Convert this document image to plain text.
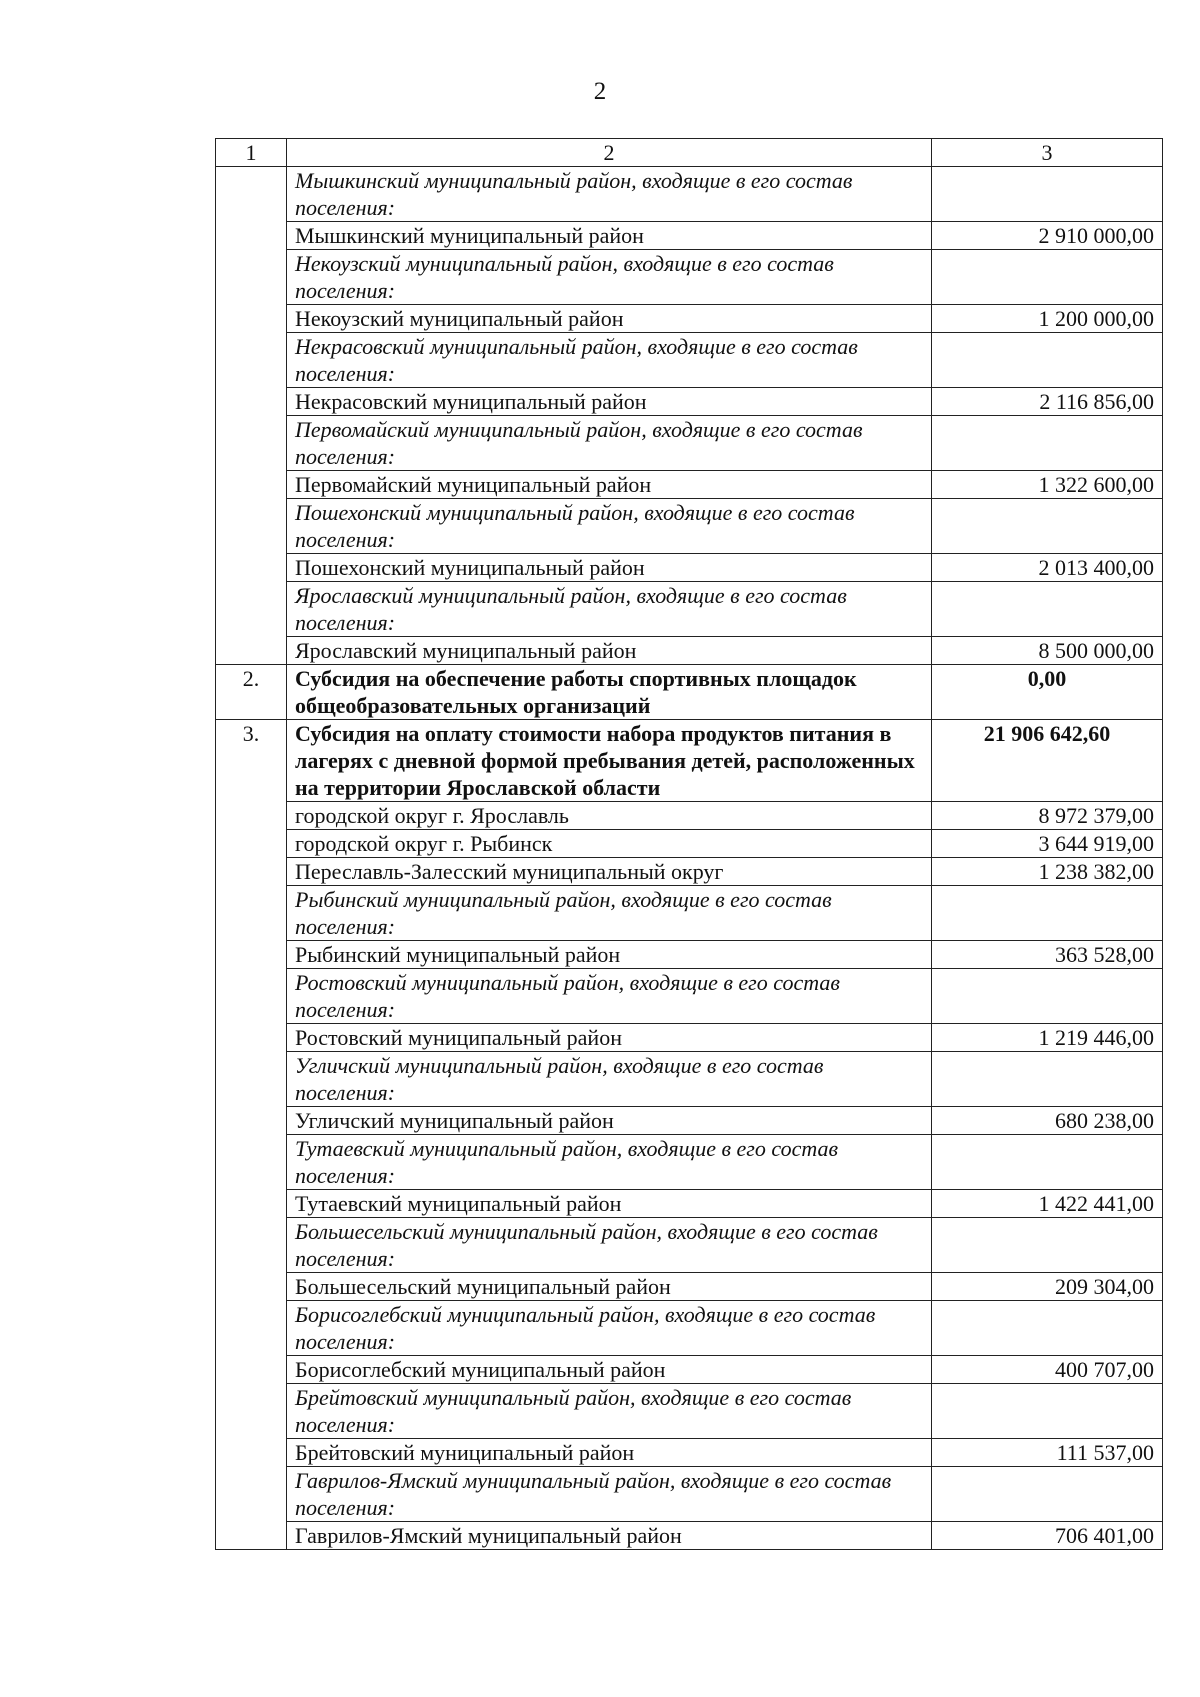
2
1	2	3
	Мышкинский муниципальный район, входящие в его состав поселения:	
	Мышкинский муниципальный район	2 910 000,00
	Некоузский муниципальный район, входящие в его состав поселения:	
	Некоузский муниципальный район	1 200 000,00
	Некрасовский муниципальный район, входящие в его состав поселения:	
	Некрасовский муниципальный район	2 116 856,00
	Первомайский муниципальный район, входящие в его состав поселения:	
	Первомайский муниципальный район	1 322 600,00
	Пошехонский муниципальный район, входящие в его состав поселения:	
	Пошехонский муниципальный район	2 013 400,00
	Ярославский муниципальный район, входящие в его состав поселения:	
	Ярославский муниципальный район	8 500 000,00
2.	Субсидия на обеспечение работы спортивных площадок общеобразовательных организаций	0,00
3.	Субсидия на оплату стоимости набора продуктов питания в лагерях с дневной формой пребывания детей, расположенных на территории Ярославской области	21 906 642,60
	городской округ г. Ярославль	8 972 379,00
	городской округ г. Рыбинск	3 644 919,00
	Переславль-Залесский муниципальный округ	1 238 382,00
	Рыбинский муниципальный район, входящие в его состав поселения:	
	Рыбинский муниципальный район	363 528,00
	Ростовский муниципальный район, входящие в его состав поселения:	
	Ростовский муниципальный район	1 219 446,00
	Угличский муниципальный район, входящие в его состав поселения:	
	Угличский муниципальный район	680 238,00
	Тутаевский муниципальный район, входящие в его состав поселения:	
	Тутаевский муниципальный район	1 422 441,00
	Большесельский муниципальный район, входящие в его состав поселения:	
	Большесельский муниципальный район	209 304,00
	Борисоглебский муниципальный район, входящие в его состав поселения:	
	Борисоглебский муниципальный район	400 707,00
	Брейтовский муниципальный район, входящие в его состав поселения:	
	Брейтовский муниципальный район	111 537,00
	Гаврилов-Ямский муниципальный район, входящие в его состав поселения:	
	Гаврилов-Ямский муниципальный район	706 401,00
